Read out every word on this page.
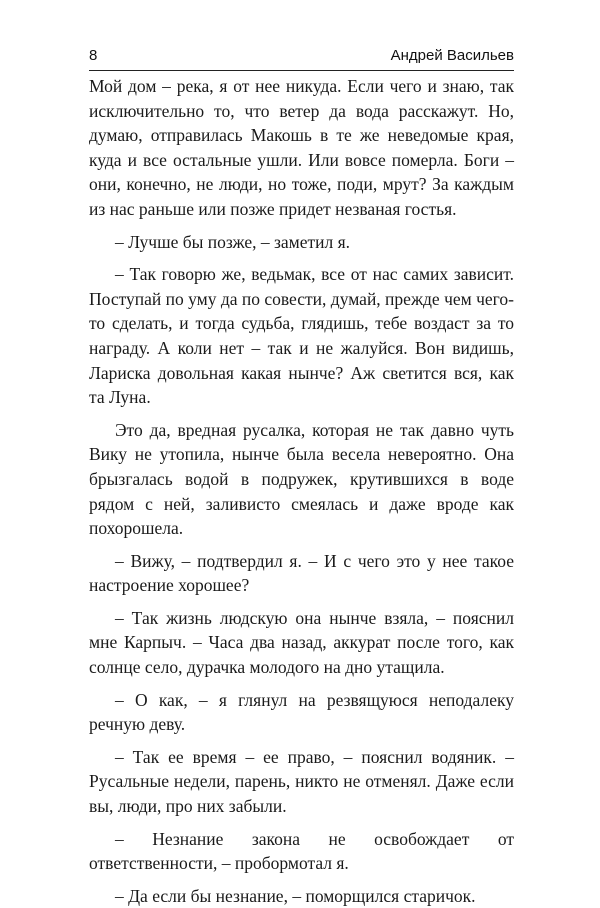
8	Андрей Васильев

Мой дом – река, я от нее никуда. Если чего и знаю, так исключительно то, что ветер да вода расскажут. Но, думаю, отправилась Макошь в те же неведомые края, куда и все остальные ушли. Или вовсе померла. Боги – они, конечно, не люди, но тоже, поди, мрут? За каждым из нас раньше или позже придет незваная гостья.

– Лучше бы позже, – заметил я.

– Так говорю же, ведьмак, все от нас самих зависит. Поступай по уму да по совести, думай, прежде чем чего-то сделать, и тогда судьба, глядишь, тебе воздаст за то награду. А коли нет – так и не жалуйся. Вон видишь, Лариска довольная какая нынче? Аж светится вся, как та Луна.

Это да, вредная русалка, которая не так давно чуть Вику не утопила, нынче была весела невероятно. Она брызгалась водой в подружек, крутившихся в воде рядом с ней, заливисто смеялась и даже вроде как похорошела.

– Вижу, – подтвердил я. – И с чего это у нее такое настроение хорошее?

– Так жизнь людскую она нынче взяла, – пояснил мне Карпыч. – Часа два назад, аккурат после того, как солнце село, дурачка молодого на дно утащила.

– О как, – я глянул на резвящуюся неподалеку речную деву.

– Так ее время – ее право, – пояснил водяник. – Русальные недели, парень, никто не отменял. Даже если вы, люди, про них забыли.

– Незнание закона не освобождает от ответственности, – пробормотал я.

– Да если бы незнание, – поморщился старичок.
